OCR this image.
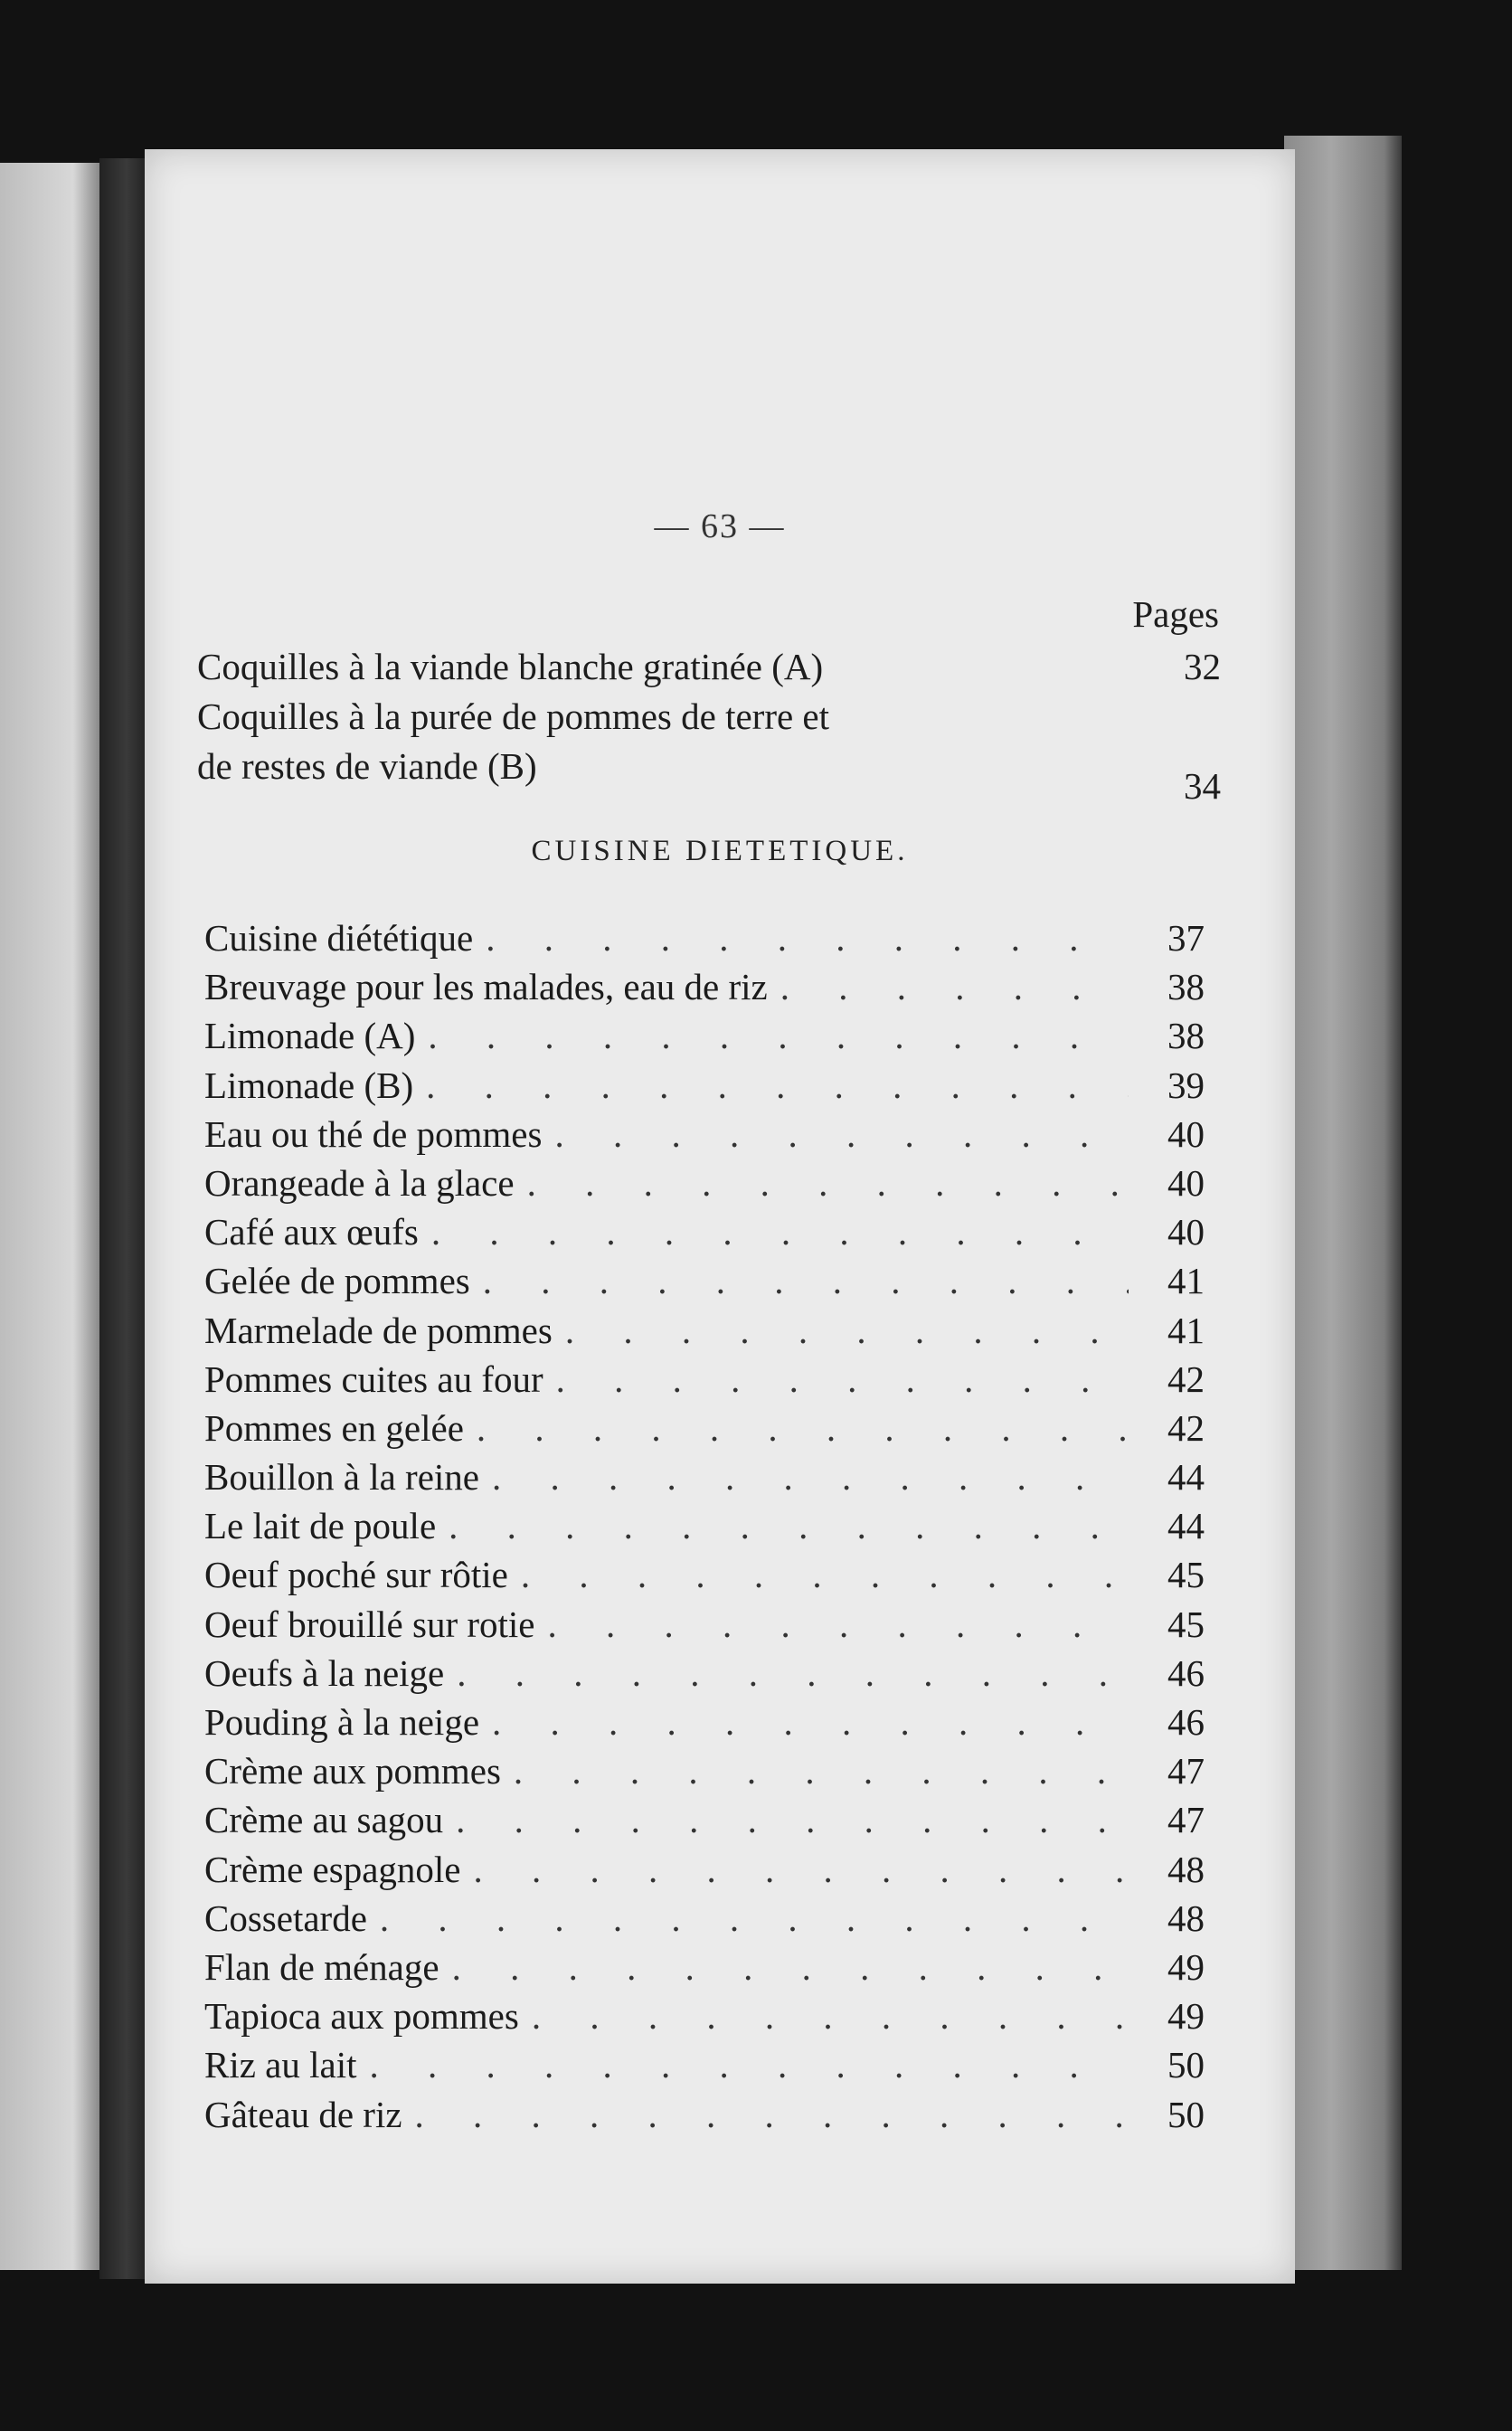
— 63 —
Pages
Coquilles à la viande blanche gratinée (A)	32
Coquilles à la purée de pommes de terre et
de restes de viande (B)	34
CUISINE DIETETIQUE.
Cuisine diététique . . .	37
Breuvage pour les malades, eau de riz . . .	38
Limonade (A) . . .	38
Limonade (B) . . .	39
Eau ou thé de pommes . . .	40
Orangeade à la glace . . .	40
Café aux œufs . . .	40
Gelée de pommes . . .	41
Marmelade de pommes . . .	41
Pommes cuites au four . . .	42
Pommes en gelée . . .	42
Bouillon à la reine . . .	44
Le lait de poule . . .	44
Oeuf poché sur rôtie . . .	45
Oeuf brouillé sur rotie . . .	45
Oeufs à la neige . . .	46
Pouding à la neige . . .	46
Crème aux pommes . . .	47
Crème au sagou . . .	47
Crème espagnole . . .	48
Cossetarde . . .	48
Flan de ménage . . .	49
Tapioca aux pommes . . .	49
Riz au lait . . .	50
Gâteau de riz . . .	50
